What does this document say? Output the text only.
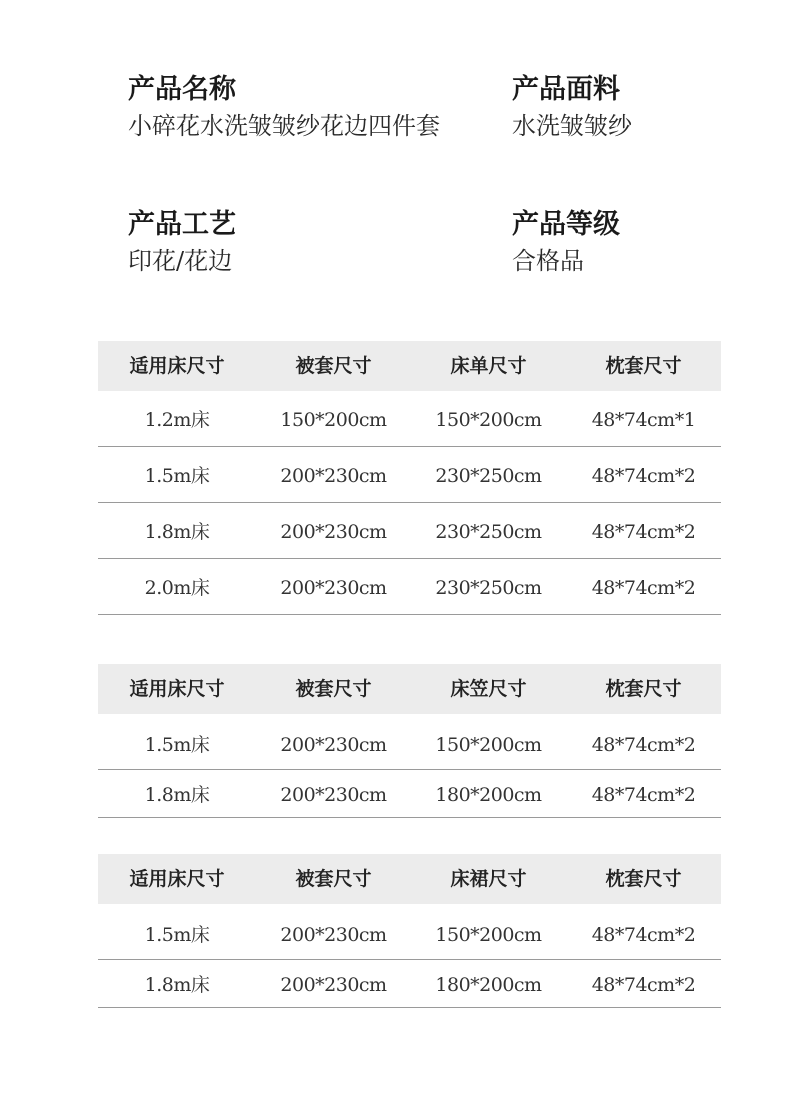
产品名称
小碎花水洗皱皱纱花边四件套
产品面料
水洗皱皱纱
产品工艺
印花/花边
产品等级
合格品
适用床尺寸	被套尺寸	床单尺寸	枕套尺寸
1.2m床	150*200cm	150*200cm	48*74cm*1
1.5m床	200*230cm	230*250cm	48*74cm*2
1.8m床	200*230cm	230*250cm	48*74cm*2
2.0m床	200*230cm	230*250cm	48*74cm*2
适用床尺寸	被套尺寸	床笠尺寸	枕套尺寸
1.5m床	200*230cm	150*200cm	48*74cm*2
1.8m床	200*230cm	180*200cm	48*74cm*2
适用床尺寸	被套尺寸	床裙尺寸	枕套尺寸
1.5m床	200*230cm	150*200cm	48*74cm*2
1.8m床	200*230cm	180*200cm	48*74cm*2
